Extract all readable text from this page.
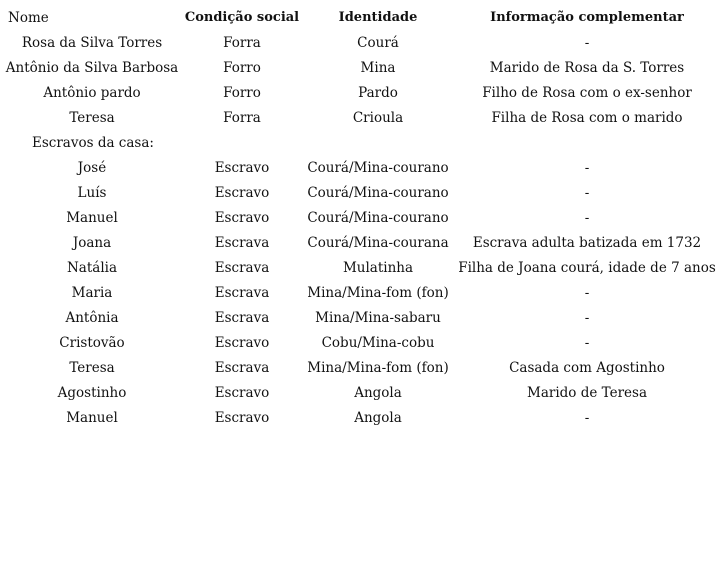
Nome	Condição social	Identidade	Informação complementar
Rosa da Silva Torres	Forra	Courá	-
Antônio da Silva Barbosa	Forro	Mina	Marido de Rosa da S. Torres
Antônio pardo	Forro	Pardo	Filho de Rosa com o ex-senhor
Teresa	Forra	Crioula	Filha de Rosa com o marido
Escravos da casa:			
José	Escravo	Courá/Mina-courano	-
Luís	Escravo	Courá/Mina-courano	-
Manuel	Escravo	Courá/Mina-courano	-
Joana	Escrava	Courá/Mina-courana	Escrava adulta batizada em 1732
Natália	Escrava	Mulatinha	Filha de Joana courá, idade de 7 anos
Maria	Escrava	Mina/Mina-fom (fon)	-
Antônia	Escrava	Mina/Mina-sabaru	-
Cristovão	Escravo	Cobu/Mina-cobu	-
Teresa	Escrava	Mina/Mina-fom (fon)	Casada com Agostinho
Agostinho	Escravo	Angola	Marido de Teresa
Manuel	Escravo	Angola	-
